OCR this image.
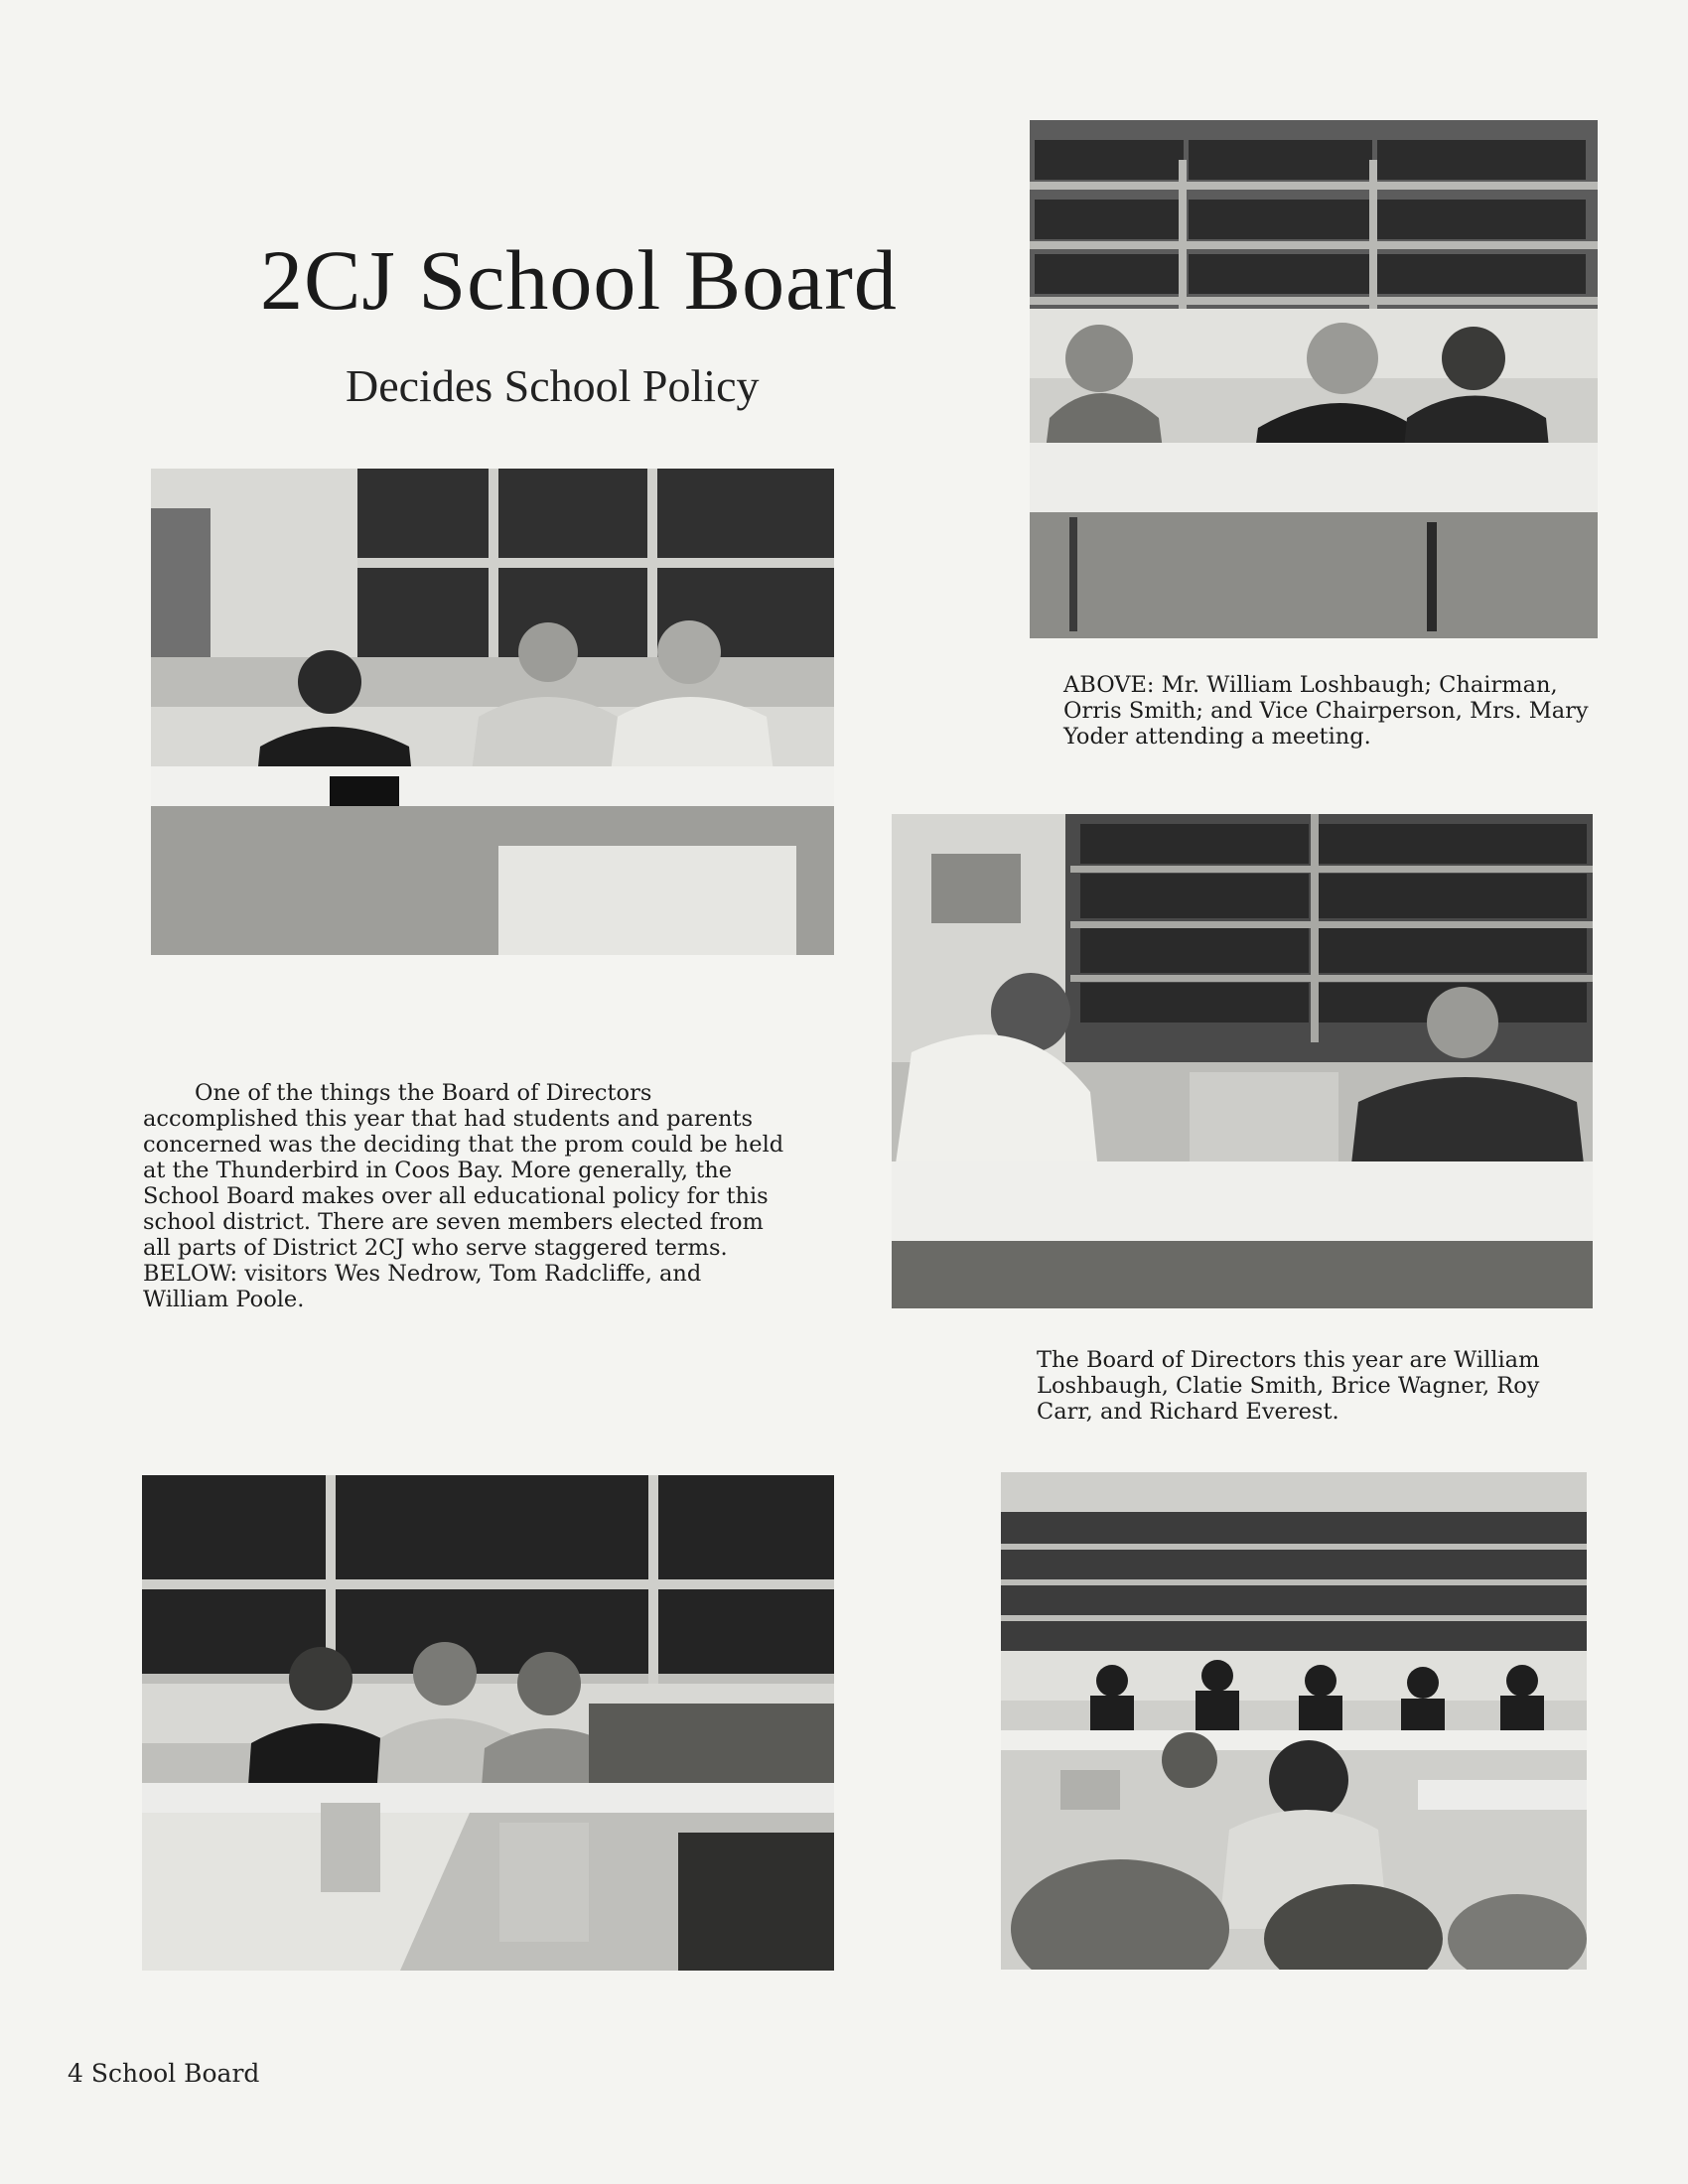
2CJ School Board
Decides School Policy

One of the things the Board of Directors accomplished this year that had students and parents concerned was the deciding that the prom could be held at the Thunderbird in Coos Bay. More generally, the School Board makes over all educational policy for this school district. There are seven members elected from all parts of District 2CJ who serve staggered terms. BELOW: visitors Wes Nedrow, Tom Radcliffe, and William Poole.

ABOVE: Mr. William Loshbaugh; Chairman, Orris Smith; and Vice Chairperson, Mrs. Mary Yoder attending a meeting.

The Board of Directors this year are William Loshbaugh, Clatie Smith, Brice Wagner, Roy Carr, and Richard Everest.

4 School Board
